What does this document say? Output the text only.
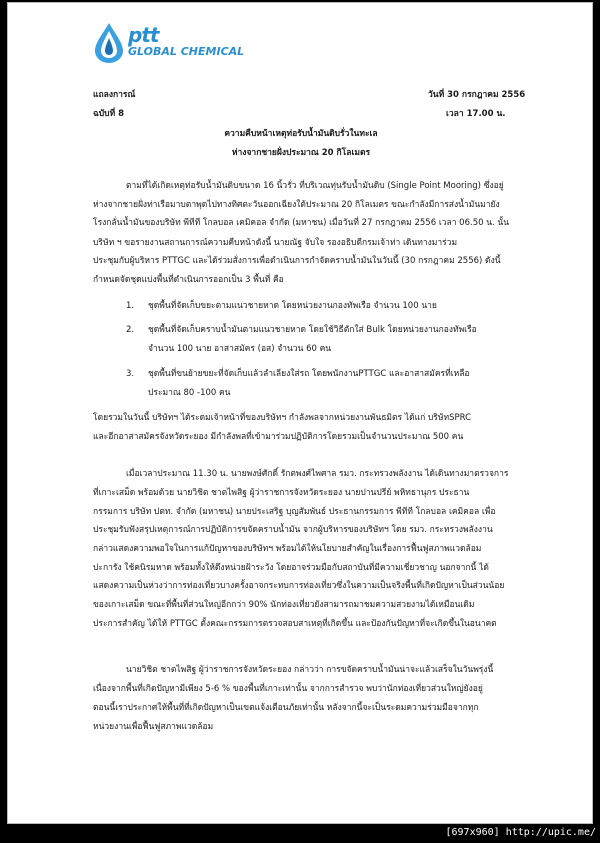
ptt
GLOBAL CHEMICAL
แถลงการณ์	วันที่ 30 กรกฎาคม 2556
ฉบับที่ 8	เวลา 17.00 น.
ความคืบหน้าเหตุท่อรับน้ำมันดิบรั่วในทะเล
ห่างจากชายฝั่งประมาณ 20 กิโลเมตร
ตามที่ได้เกิดเหตุท่อรับน้ำมันดิบขนาด 16 นิ้วรั่ว ที่บริเวณทุ่นรับน้ำมันดิบ (Single Point Mooring) ซึ่งอยู่
ห่างจากชายฝั่งท่าเรือมาบตาพุดไปทางทิศตะวันออกเฉียงใต้ประมาณ 20 กิโลเมตร ขณะกำลังมีการส่งน้ำมันมายัง
โรงกลั่นน้ำมันของบริษัท พีทีที โกลบอล เคมิคอล จำกัด (มหาชน) เมื่อวันที่ 27 กรกฎาคม 2556 เวลา 06.50 น. นั้น
บริษัท ฯ ขอรายงานสถานการณ์ความคืบหน้าดังนี้ นายณัฐ จับใจ รองอธิบดีกรมเจ้าท่า เดินทางมาร่วม
ประชุมกับผู้บริหาร PTTGC และได้ร่วมสั่งการเพื่อดำเนินการกำจัดคราบน้ำมันในวันนี้ (30 กรกฎาคม 2556) ดังนี้
กำหนดจัดชุดแบ่งพื้นที่ดำเนินการออกเป็น 3 พื้นที่ คือ
1. ชุดพื้นที่จัดเก็บขยะตามแนวชายหาด โดยหน่วยงานกองทัพเรือ จำนวน 100 นาย
2. ชุดพื้นที่จัดเก็บคราบน้ำมันตามแนวชายหาด โดยใช้วิธีตักใส่ Bulk โดยหน่วยงานกองทัพเรือ
จำนวน 100 นาย อาสาสมัคร (อส) จำนวน 60 คน
3. ชุดพื้นที่ขนย้ายขยะที่จัดเก็บแล้วลำเลียงใส่รถ โดยพนักงานPTTGC และอาสาสมัครที่เหลือ
ประมาณ 80 -100 คน
โดยรวมในวันนี้ บริษัทฯ ได้ระดมเจ้าหน้าที่ของบริษัทฯ กำลังพลจากหน่วยงานพันธมิตร ได้แก่ บริษัทSPRC
และอีกอาสาสมัครจังหวัดระยอง มีกำลังพลที่เข้ามาร่วมปฏิบัติการโดยรวมเป็นจำนวนประมาณ 500 คน
เมื่อเวลาประมาณ 11.30 น. นายพงษ์ศักดิ์ รักตพงศ์ไพศาล รมว. กระทรวงพลังงาน ได้เดินทางมาตรวจการ
ที่เกาะเสม็ด พร้อมด้วย นายวิชิต ชาตไพสิฐ ผู้ว่าราชการจังหวัดระยอง นายปานปรีย์ พหิทธานุกร ประธาน
กรรมการ บริษัท ปตท. จำกัด (มหาชน) นายประเสริฐ บุญสัมพันธ์ ประธานกรรมการ พีทีที โกลบอล เคมิคอล เพื่อ
ประชุมรับฟังสรุปเหตุการณ์การปฏิบัติการขจัดคราบน้ำมัน จากผู้บริหารของบริษัทฯ โดย รมว. กระทรวงพลังงาน
กล่าวแสดงความพอใจในการแก้ปัญหาของบริษัทฯ พร้อมได้ให้นโยบายสำคัญในเรื่องการฟื้นฟูสภาพแวดล้อม
ปะการัง ใช้คนิรมหาด พร้อมทั้งให้ดึงหน่วยฝ้าระวัง โดยอาจร่วมมือกับสถาบันที่มีความเชี่ยวชาญ นอกจากนี้ ได้
แสดงความเป็นห่วงว่าการท่องเที่ยวบางครั้งอาจกระทบการท่องเที่ยวซึ่งในความเป็นจริงพื้นที่เกิดปัญหาเป็นส่วนน้อย
ของเกาะเสม็ด ขณะที่พื้นที่ส่วนใหญ่อีกกว่า 90% นักท่องเที่ยวยังสามารถมาชมความสวยงามได้เหมือนเดิม
ประการสำคัญ ได้ให้ PTTGC ตั้งคณะกรรมการตรวจสอบสาเหตุที่เกิดขึ้น และป้องกันปัญหาที่จะเกิดขึ้นในอนาคต
นายวิชิต ชาตไพสิฐ ผู้ว่าราชการจังหวัดระยอง กล่าวว่า การขจัดคราบน้ำมันน่าจะแล้วเสร็จในวันพรุ่งนี้
เนื่องจากพื้นที่เกิดปัญหามีเพียง 5-6 % ของพื้นที่เกาะเท่านั้น จากการสำรวจ พบว่านักท่องเที่ยวส่วนใหญ่ยังอยู่
ตอนนี้เราประกาศให้พื้นที่ที่เกิดปัญหาเป็นเขตแจ้งเตือนภัยเท่านั้น หลังจากนี้จะเป็นระดมความร่วมมือจากทุก
หน่วยงานเพื่อฟื้นฟูสภาพแวดล้อม
[697x960] http://upic.me/
